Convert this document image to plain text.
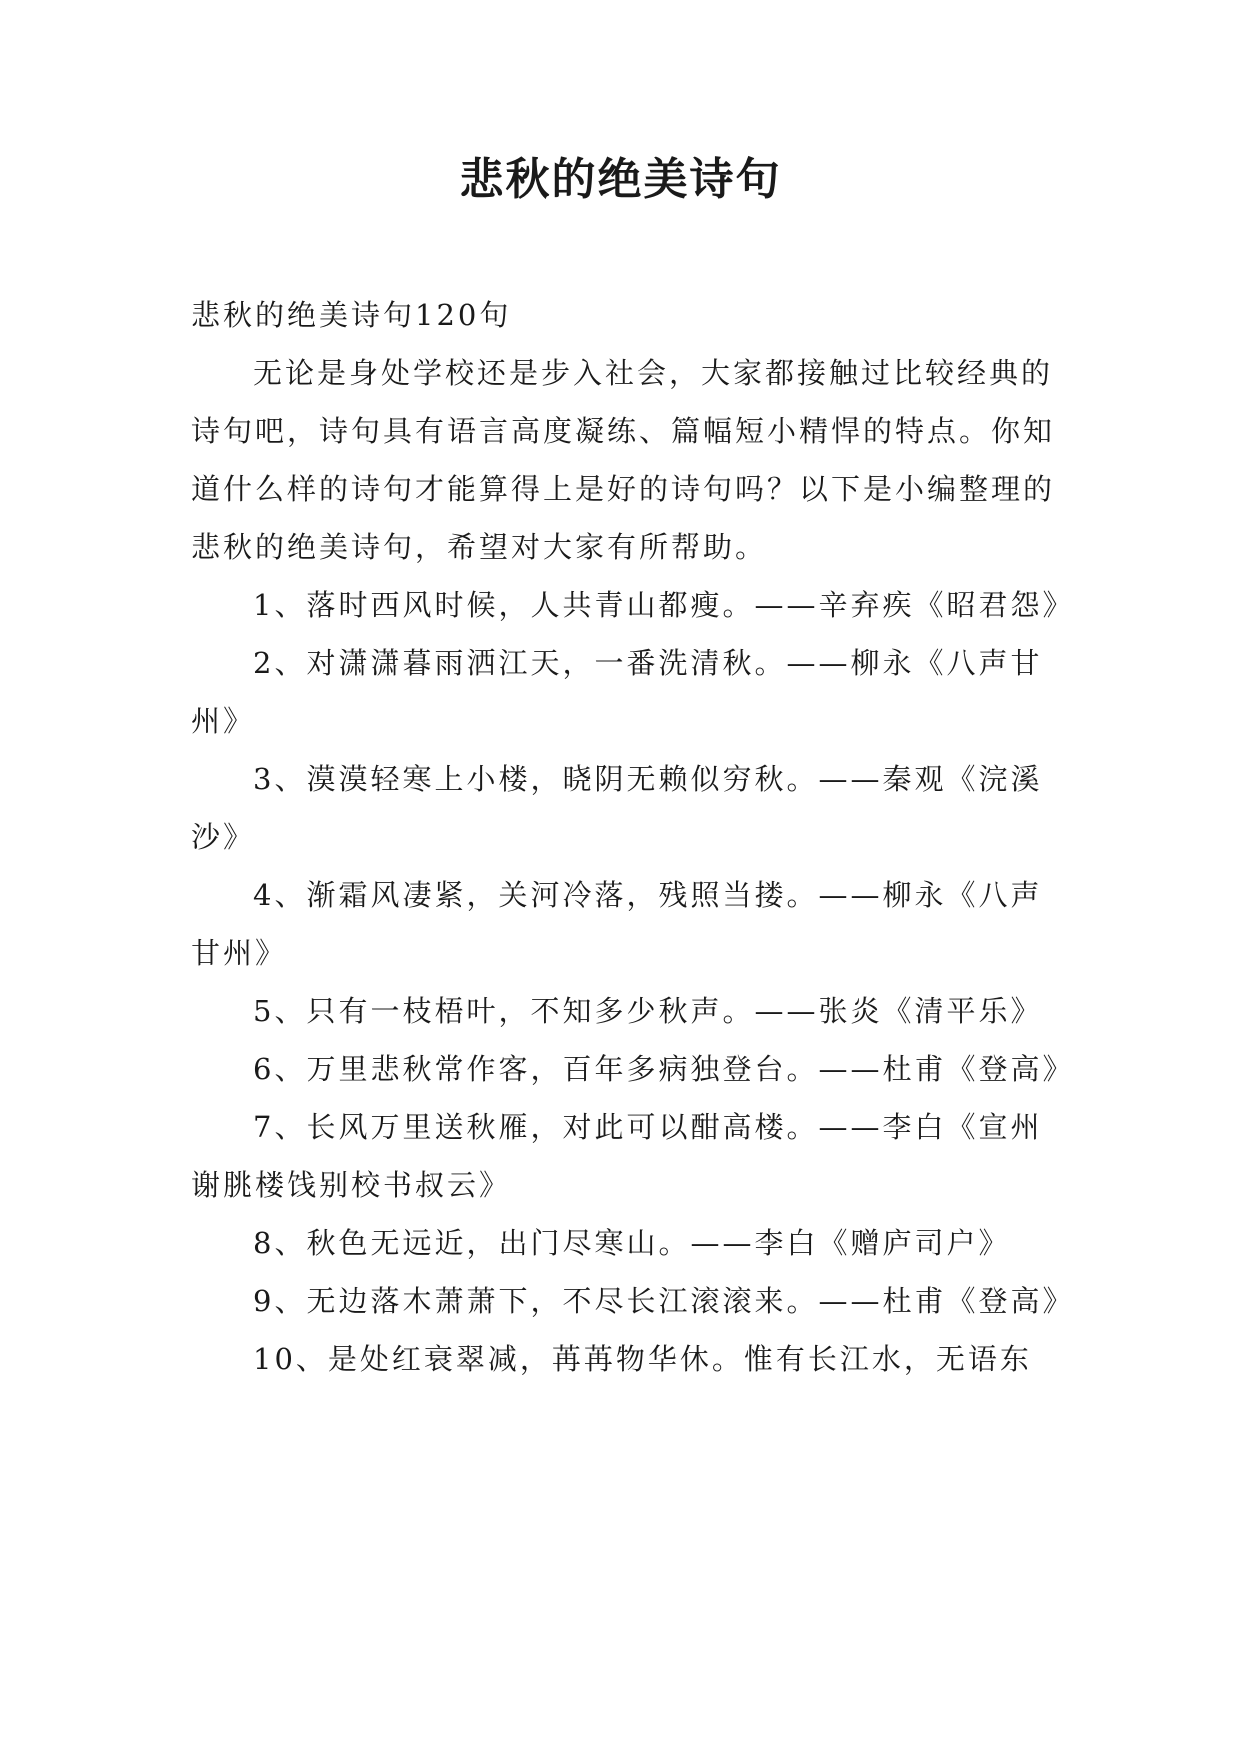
悲秋的绝美诗句

悲秋的绝美诗句120句

无论是身处学校还是步入社会，大家都接触过比较经典的诗句吧，诗句具有语言高度凝练、篇幅短小精悍的特点。你知道什么样的诗句才能算得上是好的诗句吗？以下是小编整理的悲秋的绝美诗句，希望对大家有所帮助。

1、落时西风时候，人共青山都瘦。——辛弃疾《昭君怨》

2、对潇潇暮雨洒江天，一番洗清秋。——柳永《八声甘州》

3、漠漠轻寒上小楼，晓阴无赖似穷秋。——秦观《浣溪沙》

4、渐霜风凄紧，关河冷落，残照当搂。——柳永《八声甘州》

5、只有一枝梧叶，不知多少秋声。——张炎《清平乐》

6、万里悲秋常作客，百年多病独登台。——杜甫《登高》

7、长风万里送秋雁，对此可以酣高楼。——李白《宣州谢朓楼饯别校书叔云》

8、秋色无远近，出门尽寒山。——李白《赠庐司户》

9、无边落木萧萧下，不尽长江滚滚来。——杜甫《登高》

10、是处红衰翠减，苒苒物华休。惟有长江水，无语东
